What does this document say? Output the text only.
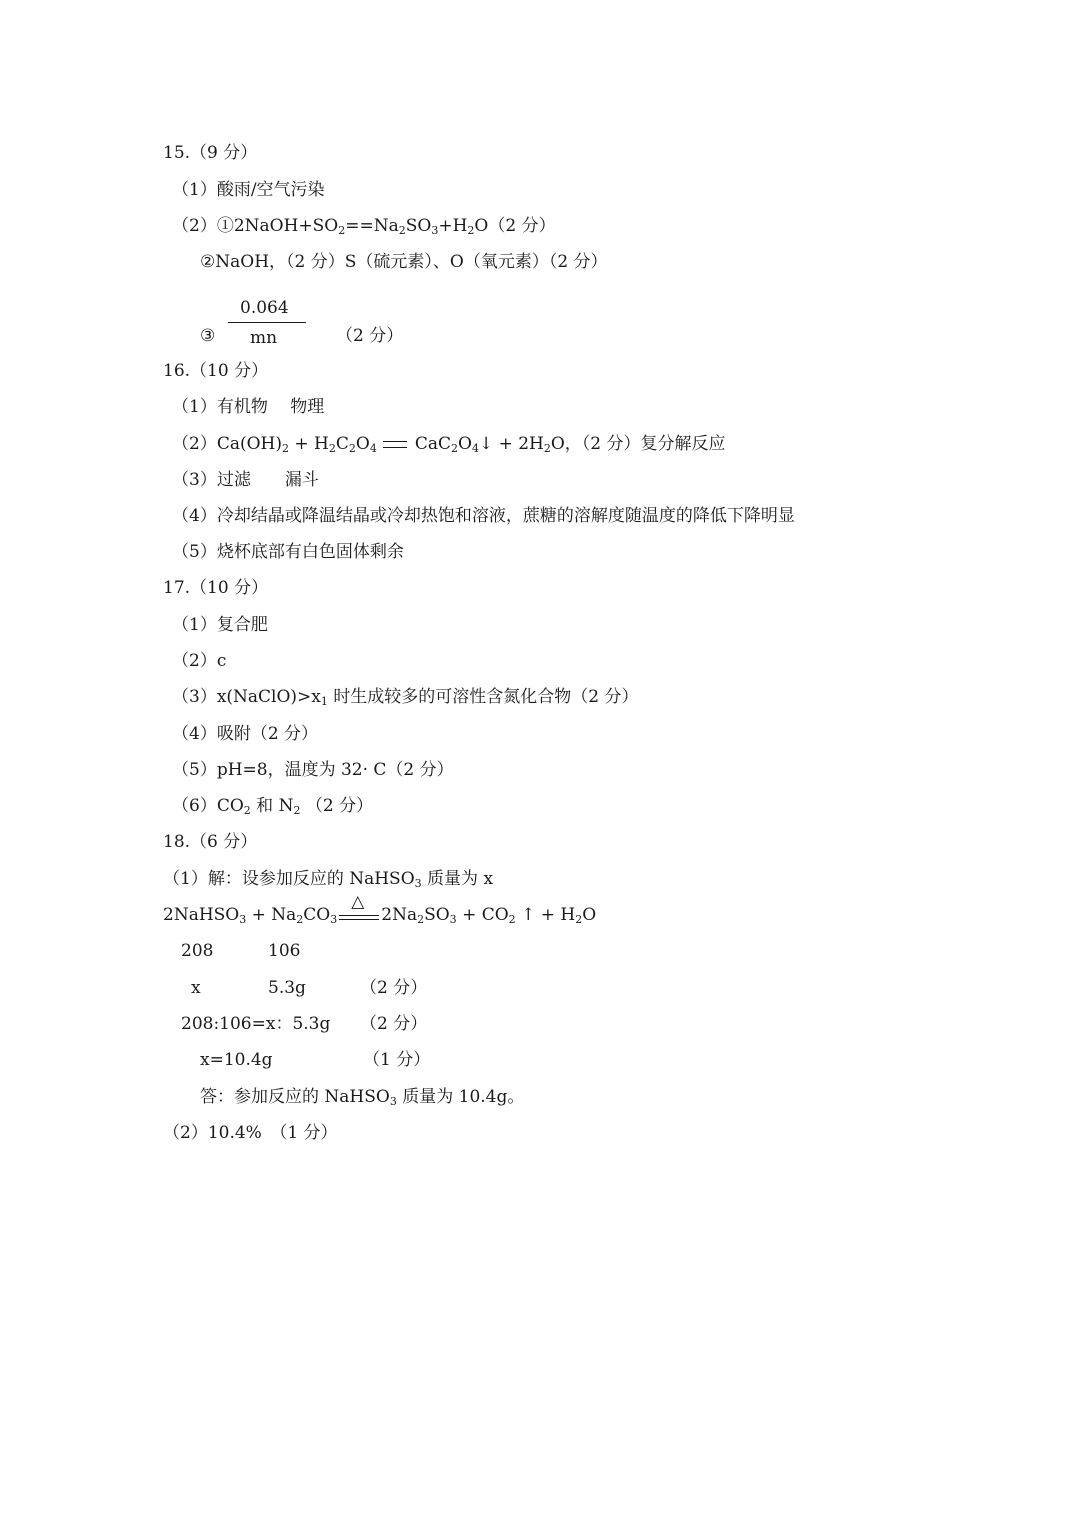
15.（9 分）
（1）酸雨/空气污染
$(2)①2NaOH+SO_2==Na_2SO_3+H_2O(2$ 分）
②NaOH，（2 分）S（硫元素）、O（氧元素）（2 分）
③
0.064
mn	（2 分）
16.（10 分）
（1）有机物　 物理
$(2)Ca(OH)_2 + H_2C_2O_4$ $CaC_2O_4↓ + 2H_2O$，（2 分）复分解反应
（3）过滤　　漏斗
（4）冷却结晶或降温结晶或冷却热饱和溶液，蔗糖的溶解度随温度的降低下降明显
（5）烧杯底部有白色固体剩余
17.（10 分）
（1）复合肥
（2）c
$(3)x(NaClO)>x_1$ 时生成较多的可溶性含氮化合物（2 分）
（4）吸附（2 分）
（5）pH=8，温度为 32· C（2 分）
$(6)CO_2$ 和 $N_2$ （2 分）
18.（6 分）
（1）解：设参加反应的 NaHSO$_3$ 质量为 x
2NaHSO$_3$ + $Na_2CO_3$
△
$2Na_2SO_3 + CO_2$ ↑ + $H_2O$
208	106
x	5.3g	（2 分）
208:106=x：5.3g （2 分）
x=10.4g	（1 分）
答：参加反应的 NaHSO$_3$ 质量为 10.4g。
（2）10.4%　（1 分）
